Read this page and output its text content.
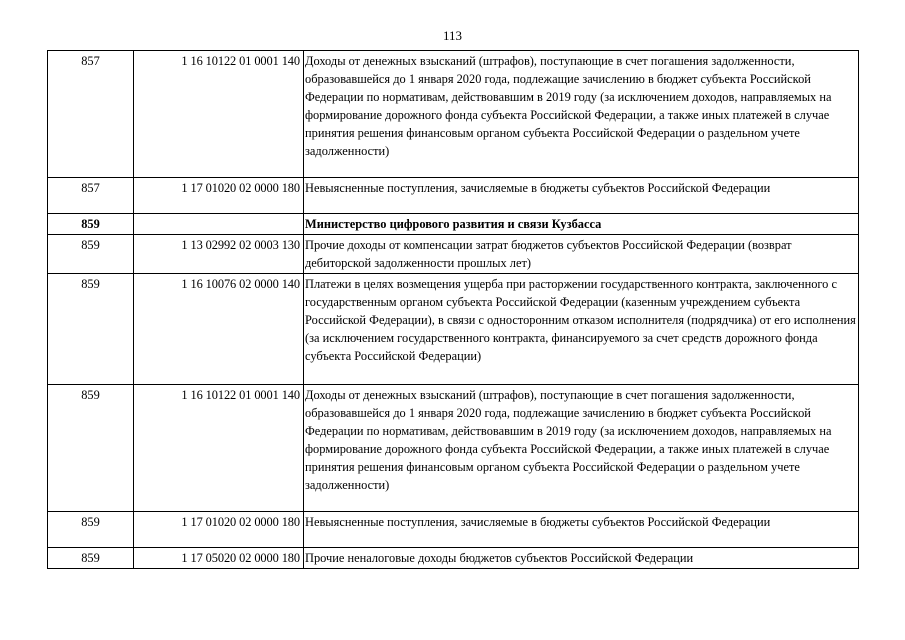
113
857	1 16 10122 01 0001 140	Доходы от денежных взысканий (штрафов), поступающие в счет погашения задолженности, образовавшейся до 1 января 2020 года, подлежащие зачислению в бюджет субъекта Российской Федерации по нормативам, действовавшим в 2019 году (за исключением доходов, направляемых на формирование дорожного фонда субъекта Российской Федерации, а также иных платежей в случае принятия решения финансовым органом субъекта Российской Федерации о раздельном учете задолженности)
857	1 17 01020 02 0000 180	Невыясненные поступления, зачисляемые в бюджеты субъектов Российской Федерации
859		Министерство цифрового развития и связи Кузбасса
859	1 13 02992 02 0003 130	Прочие доходы от компенсации затрат бюджетов субъектов Российской Федерации (возврат дебиторской задолженности прошлых лет)
859	1 16 10076 02 0000 140	Платежи в целях возмещения ущерба при расторжении государственного контракта, заключенного с государственным органом субъекта Российской Федерации (казенным учреждением субъекта Российской Федерации), в связи с односторонним отказом исполнителя (подрядчика) от его исполнения (за исключением государственного контракта, финансируемого за счет средств дорожного фонда субъекта Российской Федерации)
859	1 16 10122 01 0001 140	Доходы от денежных взысканий (штрафов), поступающие в счет погашения задолженности, образовавшейся до 1 января 2020 года, подлежащие зачислению в бюджет субъекта Российской Федерации по нормативам, действовавшим в 2019 году (за исключением доходов, направляемых на формирование дорожного фонда субъекта Российской Федерации, а также иных платежей в случае принятия решения финансовым органом субъекта Российской Федерации о раздельном учете задолженности)
859	1 17 01020 02 0000 180	Невыясненные поступления, зачисляемые в бюджеты субъектов Российской Федерации
859	1 17 05020 02 0000 180	Прочие неналоговые доходы бюджетов субъектов Российской Федерации
